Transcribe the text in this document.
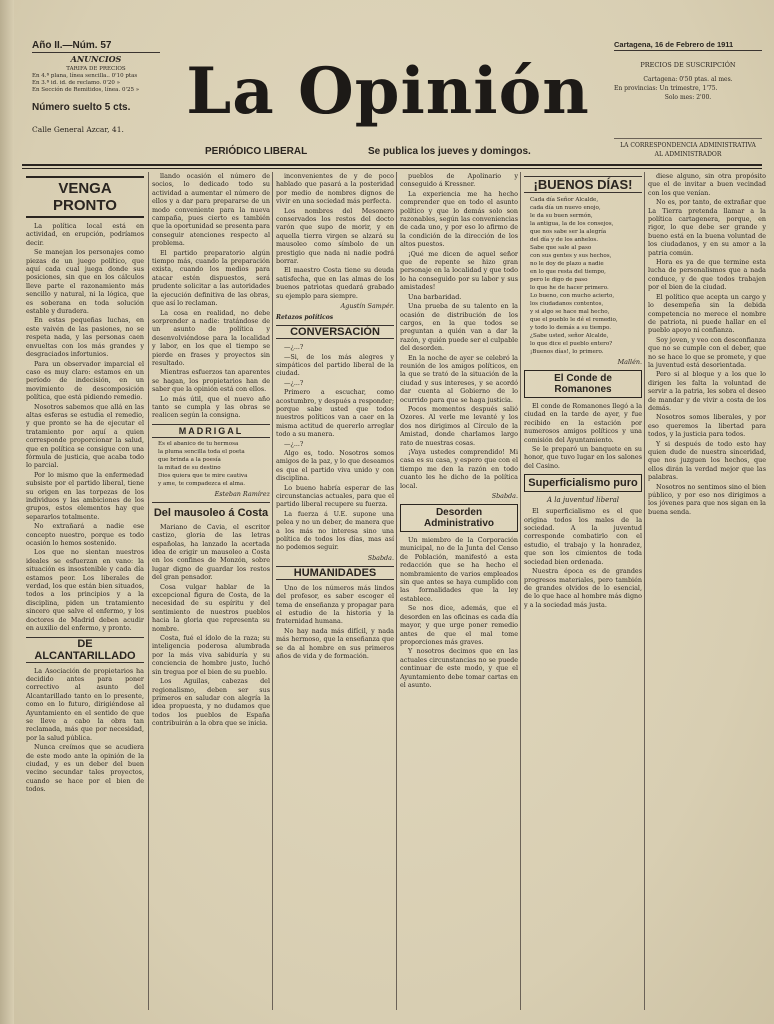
Año II.—Núm. 57
ANUNCIOS
TARIFA DE PRECIOS
En 4.ª plana, línea sencilla.. 0'10 ptas
En 3.ª id. id. de reclamo. 0'20 »
En Sección de Remitidos, línea. 0'25 »
Número suelto 5 cts.
Calle General Azcar, 41.
La Opinión
PERIÓDICO LIBERAL	Se publica los jueves y domingos.
Cartagena, 16 de Febrero de 1911
PRECIOS DE SUSCRIPCIÓN
Cartagena: 0'50 ptas. al mes.
En provincias: Un trimestre, 1'75.
Solo mes: 2'00.
LA CORRESPONDENCIA ADMINISTRATIVA
AL ADMINISTRADOR
VENGA PRONTO

La política local está en actividad, en erupción, podríamos decir.

Se manejan los personajes como piezas de un juego político, que aquí cada cual juega donde sus posiciones, sin que en los cálculos lleve parte el razonamiento más sencillo y natural, ni la lógica, que es soberana en toda solución estable y duradera.

En estas pequeñas luchas, en este vaivén de las pasiones, no se respeta nada, y las personas caen envueltas con los más grandes y desgraciados infortunios.

Para un observador imparcial el caso es muy claro: estamos en un período de indecisión, en un movimiento de descomposición política, que está pidiendo remedio.

Nosotros sabemos que allá en las altas esferas se estudia el remedio, y que pronto se ha de ejecutar el tratamiento por aquí a quien corresponde proporcionar la salud, que en política se consigue con una fórmula de justicia, que acaba todo lo parcial.

Por lo mismo que la enfermedad subsiste por el partido liberal, tiene su origen en las torpezas de los individuos y las ambiciones de los grupos, estos elementos hay que separarlos totalmente.

No extrañará a nadie ese concepto nuestro, porque es todo ocasión lo hemos sostenido.

Los que no sientan nuestros ideales se esfuerzan en vano: la situación es insostenible y cada día estamos peor. Los liberales de verdad, los que están bien situados, todos a los principios y a la disciplina, piden un tratamiento sincero que salve el enfermo, y los doctores de Madrid deben acudir en auxilio del enfermo, y pronto.

DE ALCANTARILLADO

La Asociación de propietarios ha decidido antes para poner correctivo al asunto del Alcantarillado tanto en lo presente, como en lo futuro, dirigiéndose al Ayuntamiento en el sentido de que se lleve a cabo la obra tan reclamada, más que por necesidad, por la salud pública.

Nunca creímos que se acudiera de este modo ante la opinión de la ciudad, y es un deber del buen vecino secundar tales proyectos, cuando se hace por el bien de todos.

llando ocasión el número de socios, lo dedicado todo su actividad a aumentar el número de ellos y a dar para prepararse de un modo conveniente para la nueva campaña, pues cierto es también que la oportunidad se presenta para conseguir atenciones respecto al problema.

El partido preparatorio algún tiempo más, cuando la preparación exista, cuando los medios para atacar estén dispuestos, será prudente solicitar a las autoridades la ejecución definitiva de las obras, que así lo reclaman.

La cosa en realidad, no debe sorprender a nadie: tratándose de un asunto de política y desenvolviéndose para la localidad y labor, en los que el tiempo se pierde en frases y proyectos sin resultado.

Mientras esfuerzos tan aparentes se hagan, los propietarios han de saber que la opinión está con ellos.

Lo más útil, que el nuevo año tanto se cumpla y las obras se realicen según la consigna.

MADRIGAL

Es el abanico de tu hermosa

la pluma sencilla toda el poeta

que brinda a la poesía

la mitad de su destino

Dios quiera que te mire cautiva

y ame, te compadezca el alma.

Esteban Ramírez
Del mausoleo á Costa

Mariano de Cavia, el escritor castizo, gloria de las letras españolas, ha lanzado la acertada idea de erigir un mausoleo a Costa en los confines de Monzón, sobre lugar digno de guardar los restos del gran pensador.

Cosa vulgar hablar de la excepcional figura de Costa, de la necesidad de su espíritu y del sentimiento de nuestros pueblos hacia la gloria que representa su nombre.

Costa, fué el ídolo de la raza; su inteligencia poderosa alumbrada por la más viva sabiduría y su conciencia de hombre justo, luchó sin tregua por el bien de su pueblo.

Los Aguilas, cabezas del regionalismo, deben ser sus primeros en saludar con alegría la idea propuesta, y no dudamos que todos los pueblos de España contribuirán a la obra que se inicia.

inconvenientes de y de poco hablado que pasará a la posteridad por medio de nombres dignos de vivir en una sociedad más perfecta.

Los nombres del Mesonero conservados los restos del docto varón que supo de morir, y en aquella tierra virgen se alzará su mausoleo como símbolo de un prestigio que nada ni nadie podrá borrar.

El maestro Costa tiene su deuda satisfecha, que en las almas de los buenos patriotas quedará grabado su ejemplo para siempre.

Agustín Sampér.
Retazos políticos
CONVERSACIÓN

—¿...?

—Si, de los más alegres y simpáticos del partido liberal de la ciudad.

—¿...?

Primero a escuchar, como acostumbro, y después a responder; porque sabe usted que todos nuestros políticos van a caer en la misma actitud de quererlo arreglar todo a su manera.

—¿...?

Algo es, todo. Nosotros somos amigos de la paz, y lo que deseamos es que el partido viva unido y con disciplina.

Lo bueno habría esperar de las circunstancias actuales, para que el partido liberal recupere su fuerza.

La fuerza á U.E. supone una pelea y no un deber, de manera que a los más no interesa sino una política de todos los días, mas así no podemos seguir.

Sbabda.
HUMANIDADES

Uno de los números más lindos del profesor, es saber escoger el tema de enseñanza y propagar para el estudio de la historia y la fraternidad humana.

No hay nada más difícil, y nada más hermoso, que la enseñanza que se da al hombre en sus primeros años de vida y de formación.

pueblos de Apolinario y conseguido á Kressner.

La experiencia me ha hecho comprender que en todo el asunto político y que lo demás solo son razonables, según las conveniencias de cada uno, y por eso lo afirmo de la condición de la dirección de los altos puestos.

¡Qué me dicen de aquel señor que de repente se hizo gran personaje en la localidad y que todo lo ha conseguido por su labor y sus amistades!

Una barbaridad.

Una prueba de su talento en la ocasión de distribución de los cargos, en la que todos se preguntan a quién van a dar la razón, y quién puede ser el culpable del desorden.

En la noche de ayer se celebró la reunión de los amigos políticos, en la que se trató de la situación de la ciudad y sus intereses, y se acordó dar cuenta al Gobierno de lo ocurrido para que se haga justicia.

Pocos momentos después salió Ozores. Al verle me levanté y los dos nos dirigimos al Círculo de la Amistad, donde charlamos largo rato de nuestras cosas.

¡Vaya ustedes comprendido! Mi casa es su casa, y espero que con el tiempo me den la razón en todo cuanto les he dicho de la política local.

Sbabda.
Desorden Administrativo

Un miembro de la Corporación municipal, no de la Junta del Censo de Población, manifestó a esta redacción que se ha hecho el nombramiento de varios empleados sin que antes se haya cumplido con las formalidades que la ley establece.

Se nos dice, además, que el desorden en las oficinas es cada día mayor, y que urge poner remedio antes de que el mal tome proporciones más graves.

Y nosotros decimos que en las actuales circunstancias no se puede continuar de este modo, y que el Ayuntamiento debe tomar cartas en el asunto.

¡BUENOS DÍAS!

Cada día Señor Alcalde,

cada día un nuevo enojo,

le da su buen sermón,

la antigua, la de los consejos,

que nos sabe ser la alegría

del día y de los anhelos.

Sabe que sale al paso

con sus gentes y sus hechos,

no le doy de plazo a nadie

en lo que resta del tiempo,

pero le digo de paso

lo que he de hacer primero.

Lo bueno, con mucho acierto,

los ciudadanos contentos,

y si algo se hace mal hecho,

que el pueblo le dé el remedio,

y todo lo demás a su tiempo.

¿Sabe usted, señor Alcalde,

lo que dice el pueblo entero?

¡Buenos días!, lo primero.

Mallén.
El Conde de Romanones

El conde de Romanones llegó a la ciudad en la tarde de ayer, y fue recibido en la estación por numerosos amigos políticos y una comisión del Ayuntamiento.

Se le preparó un banquete en su honor, que tuvo lugar en los salones del Casino.

Superficialismo puro
A la juventud liberal

El superficialismo es el que origina todos los males de la sociedad. A la juventud corresponde combatirlo con el estudio, el trabajo y la honradez, que son los cimientos de toda sociedad bien ordenada.

Nuestra época es de grandes progresos materiales, pero también de grandes olvidos de lo esencial, de lo que hace al hombre más digno y a la sociedad más justa.

diese alguno, sin otra propósito que el de invitar a buen vecindad con los que venían.

No es, por tanto, de extrañar que La Tierra pretenda llamar a la política cartagenera, porque, en rigor, lo que debe ser grande y bueno está en la buena voluntad de los ciudadanos, y en su amor a la patria común.

Hora es ya de que termine esta lucha de personalismos que a nada conduce, y de que todos trabajen por el bien de la ciudad.

El político que acepta un cargo y lo desempeña sin la debida competencia no merece el nombre de patriota, ni puede hallar en el pueblo apoyo ni confianza.

Soy joven, y veo con desconfianza que no se cumple con el deber, que no se hace lo que se promete, y que la juventud está desorientada.

Pero si al bloque y a los que lo dirigen les falta la voluntad de servir a la patria, les sobra el deseo de mandar y de vivir a costa de los demás.

Nosotros somos liberales, y por eso queremos la libertad para todos, y la justicia para todos.

Y si después de todo esto hay quien dude de nuestra sinceridad, que nos juzguen los hechos, que ellos dirán la verdad mejor que las palabras.

Nosotros no sentimos sino el bien público, y por eso nos dirigimos a los jóvenes para que nos sigan en la buena senda.
